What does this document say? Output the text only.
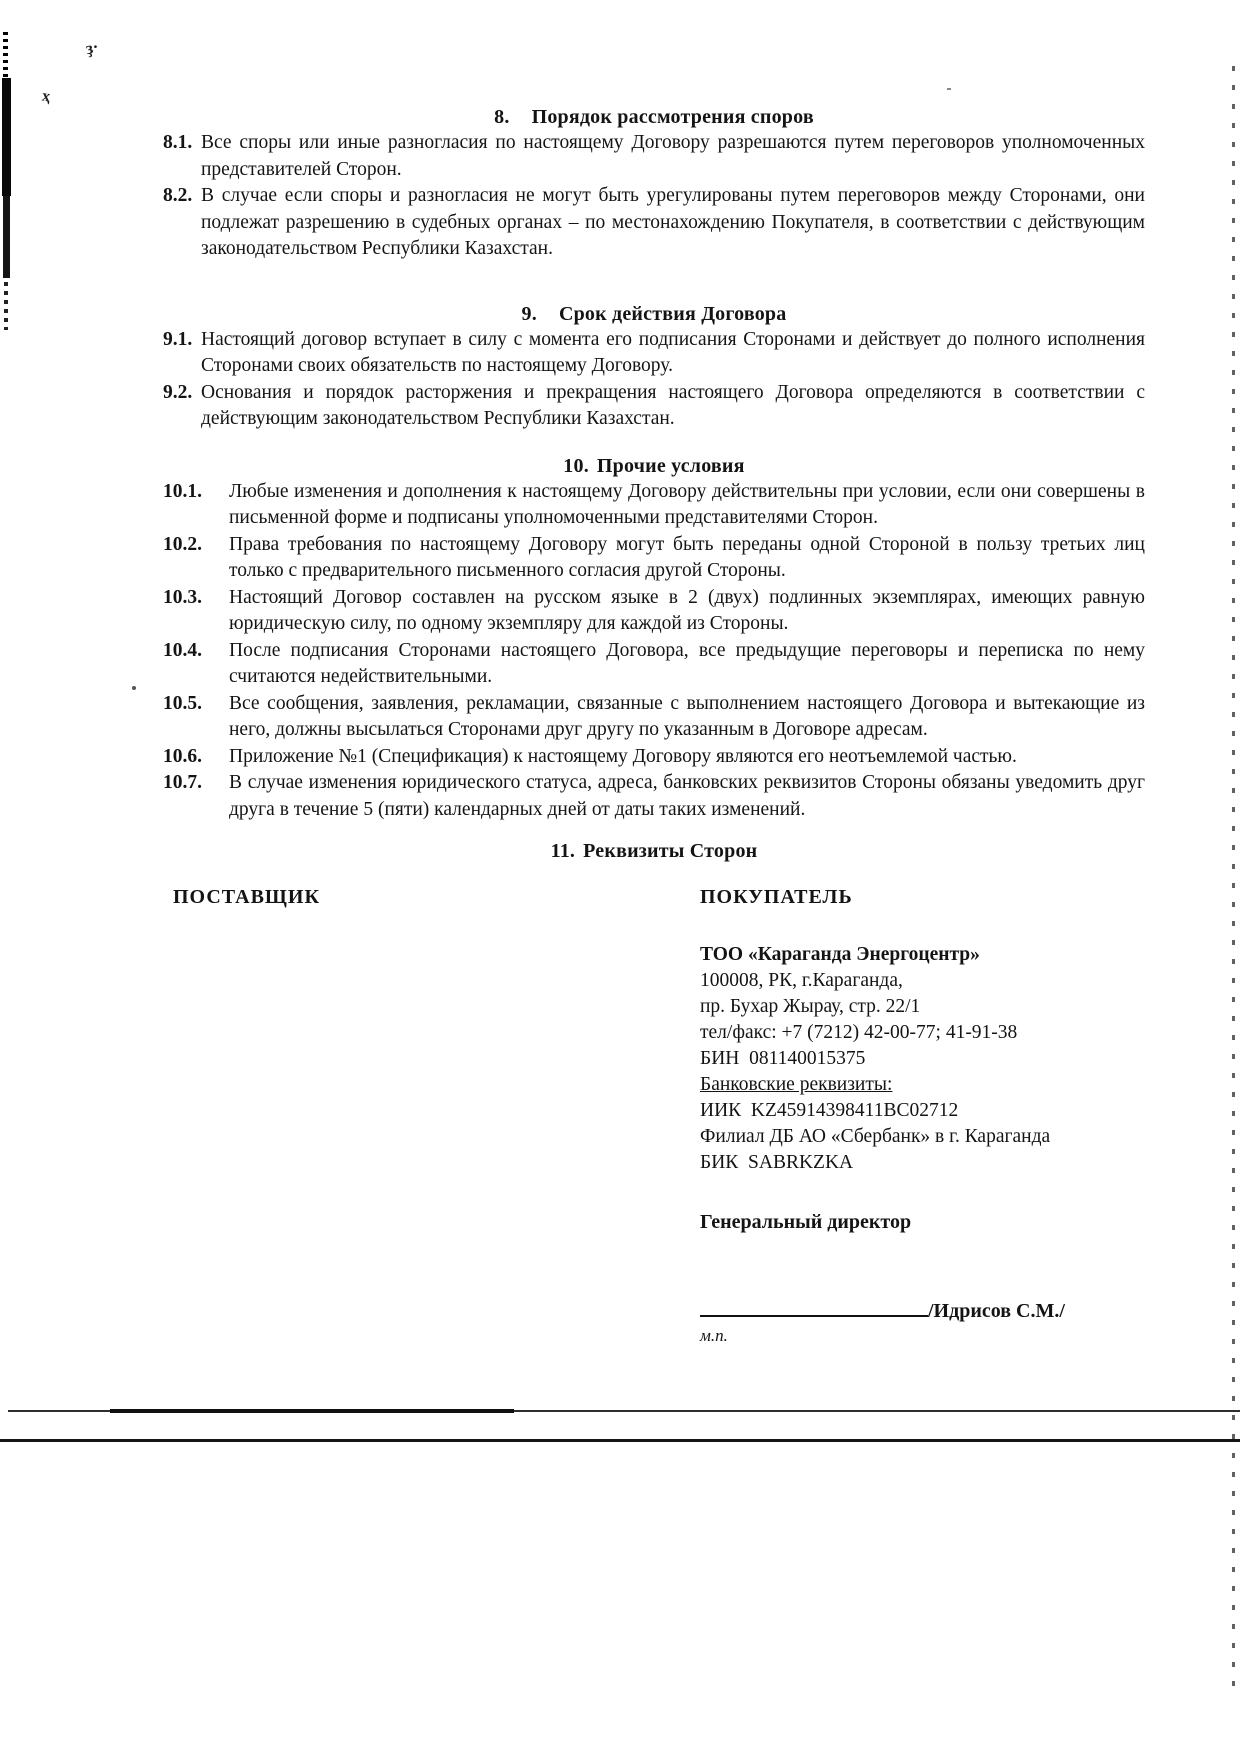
ҙ·
ҳ
8. Порядок рассмотрения споров
8.1. Все споры или иные разногласия по настоящему Договору разрешаются путем переговоров уполномоченных представителей Сторон.
8.2. В случае если споры и разногласия не могут быть урегулированы путем переговоров между Сторонами, они подлежат разрешению в судебных органах – по местонахождению Покупателя, в соответствии с действующим законодательством Республики Казахстан.
9. Срок действия Договора
9.1. Настоящий договор вступает в силу с момента его подписания Сторонами и действует до полного исполнения Сторонами своих обязательств по настоящему Договору.
9.2. Основания и порядок расторжения и прекращения настоящего Договора определяются в соответствии с действующим законодательством Республики Казахстан.
10. Прочие условия
10.1.	Любые изменения и дополнения к настоящему Договору действительны при условии, если они совершены в письменной форме и подписаны уполномоченными представителями Сторон.
10.2.	Права требования по настоящему Договору могут быть переданы одной Стороной в пользу третьих лиц только с предварительного письменного согласия другой Стороны.
10.3.	Настоящий Договор составлен на русском языке в 2 (двух) подлинных экземплярах, имеющих равную юридическую силу, по одному экземпляру для каждой из Стороны.
10.4.	После подписания Сторонами настоящего Договора, все предыдущие переговоры и переписка по нему считаются недействительными.
10.5.	Все сообщения, заявления, рекламации, связанные с выполнением настоящего Договора и вытекающие из него, должны высылаться Сторонами друг другу по указанным в Договоре адресам.
10.6.	Приложение №1 (Спецификация) к настоящему Договору являются его неотъемлемой частью.
10.7.	В случае изменения юридического статуса, адреса, банковских реквизитов Стороны обязаны уведомить друг друга в течение 5 (пяти) календарных дней от даты таких изменений.
11. Реквизиты Сторон
ПОСТАВЩИК	ПОКУПАТЕЛЬ
ТОО «Караганда Энергоцентр»
100008, РК, г.Караганда,
пр. Бухар Жырау, стр. 22/1
тел/факс: +7 (7212) 42-00-77; 41-91-38
БИН  081140015375
Банковские реквизиты:
ИИК  KZ45914398411BC02712
Филиал ДБ АО «Сбербанк» в г. Караганда
БИК  SABRKZKA
Генеральный директор
/Идрисов С.М./
м.п.
